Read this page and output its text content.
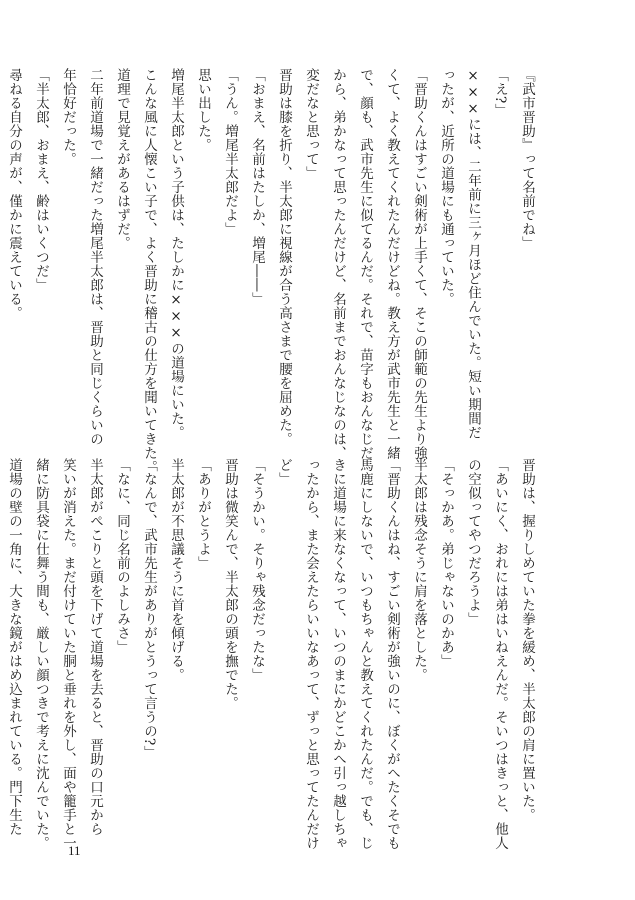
『武市晋助』って名前でね」
「え?」
×××には、二年前に三ヶ月ほど住んでいた。短い期間だ
ったが、近所の道場にも通っていた。
「晋助くんはすごい剣術が上手くて、そこの師範の先生より強
くて、よく教えてくれたんだけどね。教え方が武市先生と一緒
で、顔も、武市先生に似てるんだ。それで、苗字もおんなじだ
から、弟かなって思ったんだけど、名前までおんなじなのは、
変だなと思って」
晋助は膝を折り、半太郎に視線が合う高さまで腰を屈めた。
「おまえ、名前はたしか、増尾――」
「うん。増尾半太郎だよ」
思い出した。
増尾半太郎という子供は、たしかに×××の道場にいた。
こんな風に人懐こい子で、よく晋助に稽古の仕方を聞いてきた。
道理で見覚えがあるはずだ。
二年前道場で一緒だった増尾半太郎は、晋助と同じくらいの
年恰好だった。
「半太郎、おまえ、齢はいくつだ」
尋ねる自分の声が、僅かに震えている。
晋助は、握りしめていた拳を緩め、半太郎の肩に置いた。
「あいにく、おれには弟はいねえんだ。そいつはきっと、他人
の空似ってやつだろうよ」
「そっかあ。弟じゃないのかあ」
半太郎は残念そうに肩を落とした。
「晋助くんはね、すごい剣術が強いのに、ぼくがへたくそでも
馬鹿にしないで、いつもちゃんと教えてくれたんだ。でも、じ
きに道場に来なくなって、いつのまにかどこかへ引っ越しちゃ
ったから、また会えたらいいなあって、ずっと思ってたんだけ
ど」
「そうかい。そりゃ残念だったな」
晋助は微笑んで、半太郎の頭を撫でた。
「ありがとうよ」
半太郎が不思議そうに首を傾げる。
「なんで、武市先生がありがとうって言うの?」
「なに、同じ名前のよしみさ」
半太郎がぺこりと頭を下げて道場を去ると、晋助の口元から
笑いが消えた。まだ付けていた胴と垂れを外し、面や籠手と一
緒に防具袋に仕舞う間も、厳しい顔つきで考えに沈んでいた。
道場の壁の一角に、大きな鏡がはめ込まれている。門下生た
11
